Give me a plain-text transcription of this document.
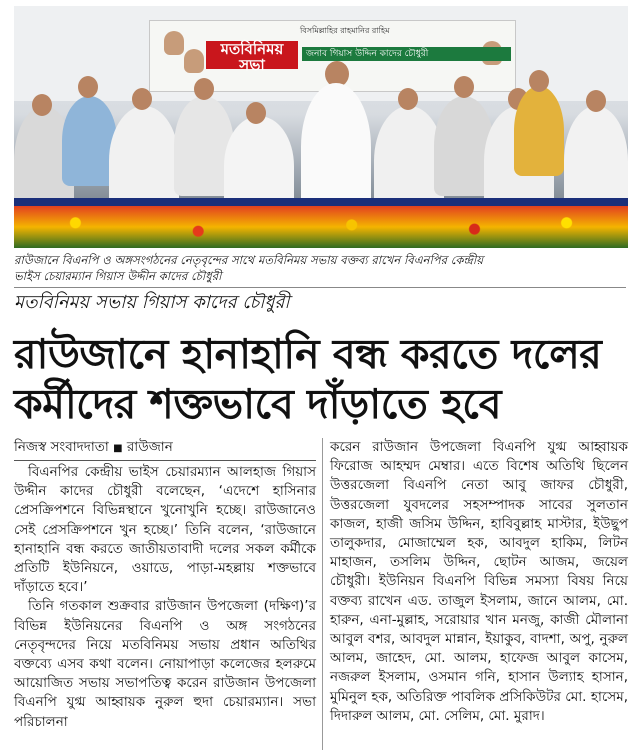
বিসমিল্লাহির রাহমানির রাহিম
মতবিনিময় সভা
জনাব গিয়াস উদ্দিন কাদের চৌধুরী
রাউজানে বিএনপি ও অঙ্গসংগঠনের নেতৃবৃন্দের সাথে মতবিনিময় সভায় বক্তব্য রাখেন বিএনপির কেন্দ্রীয়
ভাইস চেয়ারম্যান গিয়াস উদ্দীন কাদের চৌধুরী
মতবিনিময় সভায় গিয়াস কাদের চৌধুরী
রাউজানে হানাহানি বন্ধ করতে দলের
কর্মীদের শক্তভাবে দাঁড়াতে হবে
নিজস্ব সংবাদদাতা ■ রাউজান

বিএনপির কেন্দ্রীয় ভাইস চেয়ারম্যান আলহাজ গিয়াস উদ্দীন কাদের চৌধুরী বলেছেন, ‘এদেশে হাসিনার প্রেসক্রিপশনে বিভিন্নস্থানে খুনোখুনি হচ্ছে। রাউজানেও সেই প্রেসক্রিপশনে খুন হচ্ছে।’ তিনি বলেন, ‘রাউজানে হানাহানি বন্ধ করতে জাতীয়তাবাদী দলের সকল কর্মীকে প্রতিটি ইউনিয়নে, ওয়াডে, পাড়া-মহল্লায় শক্তভাবে দাঁড়াতে হবে।’

তিনি গতকাল শুক্রবার রাউজান উপজেলা (দক্ষিণ)’র বিভিন্ন ইউনিয়নের বিএনপি ও অঙ্গ সংগঠনের নেতৃবৃন্দদের নিয়ে মতবিনিময় সভায় প্রধান অতিথির বক্তব্যে এসব কথা বলেন। নোয়াপাড়া কলেজের হলরুমে আয়োজিত সভায় সভাপতিত্ব করেন রাউজান উপজেলা বিএনপি যুগ্ম আহ্বায়ক নুরুল হুদা চেয়ারম্যান। সভা পরিচালনা

করেন রাউজান উপজেলা বিএনপি যুগ্ম আহ্বায়ক ফিরোজ আহম্মদ মেম্বার। এতে বিশেষ অতিথি ছিলেন উত্তরজেলা বিএনপি নেতা আবু জাফর চৌধুরী, উত্তরজেলা যুবদলের সহসম্পাদক সাবের সুলতান কাজল, হাজী জসিম উদ্দিন, হাবিবুল্লাহ মাস্টার, ইউছুপ তালুকদার, মোজাম্মেল হক, আবদুল হাকিম, লিটন মাহাজন, তসলিম উদ্দিন, ছোটন আজম, জয়েল চৌধুরী। ইউনিয়ন বিএনপি বিভিন্ন সমস্যা বিষয় নিয়ে বক্তব্য রাখেন এড. তাজুল ইসলাম, জানে আলম, মো. হারুন, এনা-মুল্লাহ, সরোয়ার খান মনজু, কাজী মৌলানা আবুল বশর, আবদুল মান্নান, ইয়াকুব, বাদশা, অপু, নুরুল আলম, জাহেদ, মো. আলম, হাফেজ আবুল কাসেম, নজরুল ইসলাম, ওসমান গনি, হাসান উল্যাহ হাসান, মুমিনুল হক, অতিরিক্ত পাবলিক প্রসিকিউটর মো. হাসেম, দিদারুল আলম, মো. সেলিম, মো. মুরাদ।
